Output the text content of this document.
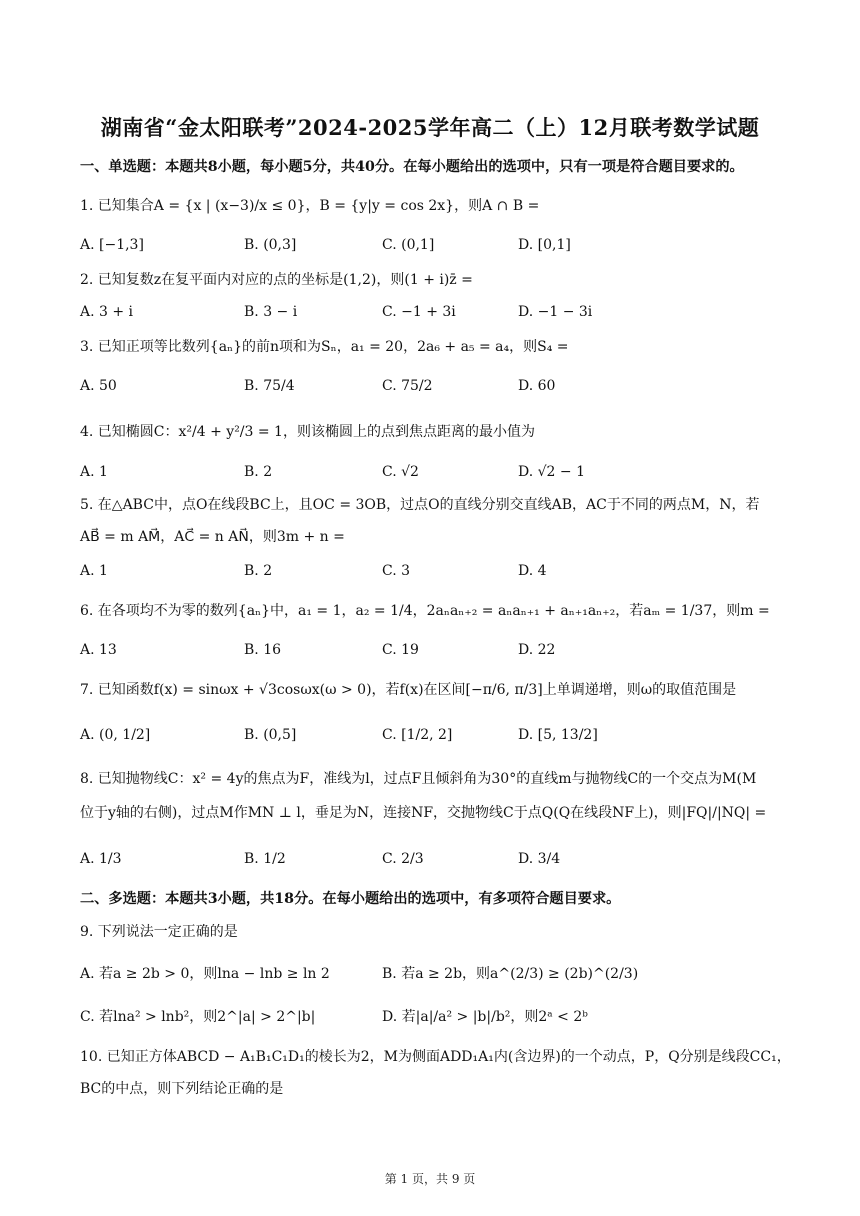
湖南省“金太阳联考”2024-2025学年高二（上）12月联考数学试题
一、单选题：本题共8小题，每小题5分，共40分。在每小题给出的选项中，只有一项是符合题目要求的。
1. 已知集合A = {x | (x−3)/x ≤ 0}，B = {y|y = cos 2x}，则A ∩ B =
A. [−1,3]	B. (0,3]	C. (0,1]	D. [0,1]
2. 已知复数z在复平面内对应的点的坐标是(1,2)，则(1 + i)z̄ =
A. 3 + i	B. 3 − i	C. −1 + 3i	D. −1 − 3i
3. 已知正项等比数列{aₙ}的前n项和为Sₙ，a₁ = 20，2a₆ + a₅ = a₄，则S₄ =
A. 50	B. 75/4	C. 75/2	D. 60
4. 已知椭圆C：x²/4 + y²/3 = 1，则该椭圆上的点到焦点距离的最小值为
A. 1	B. 2	C. √2	D. √2 − 1
5. 在△ABC中，点O在线段BC上，且OC = 3OB，过点O的直线分别交直线AB，AC于不同的两点M，N，若
AB⃗ = m AM⃗，AC⃗ = n AN⃗，则3m + n =
A. 1	B. 2	C. 3	D. 4
6. 在各项均不为零的数列{aₙ}中，a₁ = 1，a₂ = 1/4，2aₙaₙ₊₂ = aₙaₙ₊₁ + aₙ₊₁aₙ₊₂，若aₘ = 1/37，则m =
A. 13	B. 16	C. 19	D. 22
7. 已知函数f(x) = sinωx + √3cosωx(ω > 0)，若f(x)在区间[−π/6, π/3]上单调递增，则ω的取值范围是
A. (0, 1/2]	B. (0,5]	C. [1/2, 2]	D. [5, 13/2]
8. 已知抛物线C：x² = 4y的焦点为F，准线为l，过点F且倾斜角为30°的直线m与抛物线C的一个交点为M(M
位于y轴的右侧)，过点M作MN ⊥ l，垂足为N，连接NF，交抛物线C于点Q(Q在线段NF上)，则|FQ|/|NQ| =
A. 1/3	B. 1/2	C. 2/3	D. 3/4
二、多选题：本题共3小题，共18分。在每小题给出的选项中，有多项符合题目要求。
9. 下列说法一定正确的是
A. 若a ≥ 2b > 0，则lna − lnb ≥ ln 2	B. 若a ≥ 2b，则a^(2/3) ≥ (2b)^(2/3)
C. 若lna² > lnb²，则2^|a| > 2^|b|	D. 若|a|/a² > |b|/b²，则2ᵃ < 2ᵇ
10. 已知正方体ABCD − A₁B₁C₁D₁的棱长为2，M为侧面ADD₁A₁内(含边界)的一个动点，P，Q分别是线段CC₁，
BC的中点，则下列结论正确的是
第 1 页，共 9 页
